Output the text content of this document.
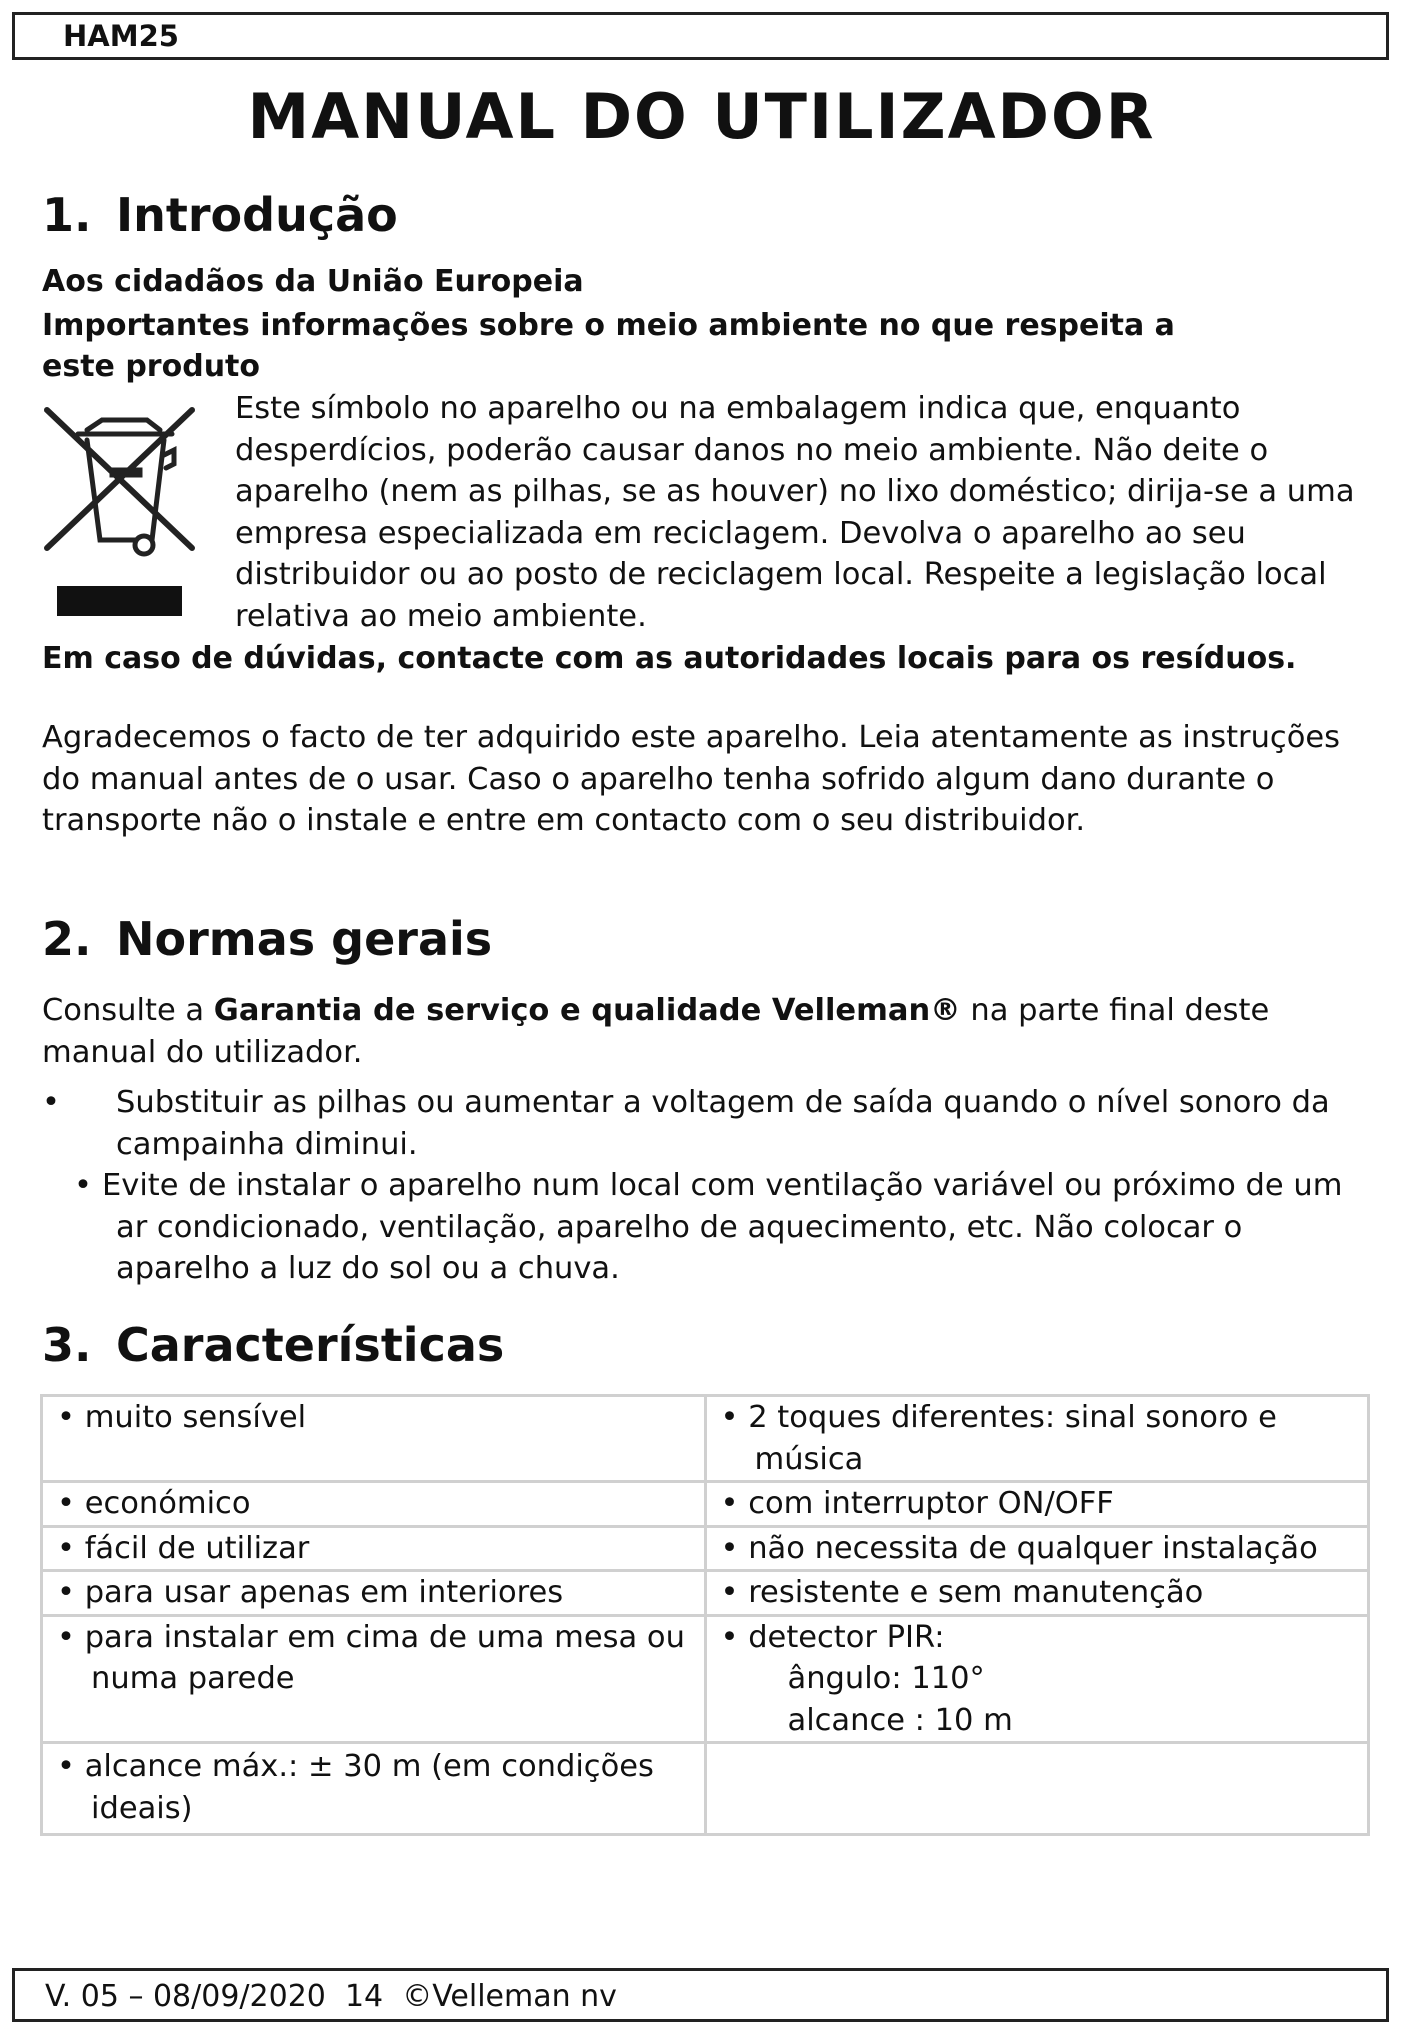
HAM25
MANUAL DO UTILIZADOR
1. Introdução

Aos cidadãos da União Europeia

Importantes informações sobre o meio ambiente no que respeita a
este produto

Este símbolo no aparelho ou na embalagem indica que, enquanto desperdícios, poderão causar danos no meio ambiente. Não deite o aparelho (nem as pilhas, se as houver) no lixo doméstico; dirija-se a uma empresa especializada em reciclagem. Devolva o aparelho ao seu distribuidor ou ao posto de reciclagem local. Respeite a legislação local relativa ao meio ambiente.

Em caso de dúvidas, contacte com as autoridades locais para os resíduos.

Agradecemos o facto de ter adquirido este aparelho. Leia atentamente as instruções do manual antes de o usar. Caso o aparelho tenha sofrido algum dano durante o transporte não o instale e entre em contacto com o seu distribuidor.

2. Normas gerais

Consulte a Garantia de serviço e qualidade Velleman® na parte final deste manual do utilizador.

• Substituir as pilhas ou aumentar a voltagem de saída quando o nível sonoro da campainha diminui.
• Evite de instalar o aparelho num local com ventilação variável ou próximo de um ar condicionado, ventilação, aparelho de aquecimento, etc. Não colocar o aparelho a luz do sol ou a chuva.
3. Características
• muito sensível	• 2 toques diferentes: sinal sonoro e música

• económico	• com interruptor ON/OFF

• fácil de utilizar	• não necessita de qualquer instalação

• para usar apenas em interiores	• resistente e sem manutenção

• para instalar em cima de uma mesa ou numa parede	• detector PIR:
ângulo: 110°
alcance : 10 m

• alcance máx.: ± 30 m (em condições ideais)	

V. 05 – 08/09/2020 14 ©Velleman nv
